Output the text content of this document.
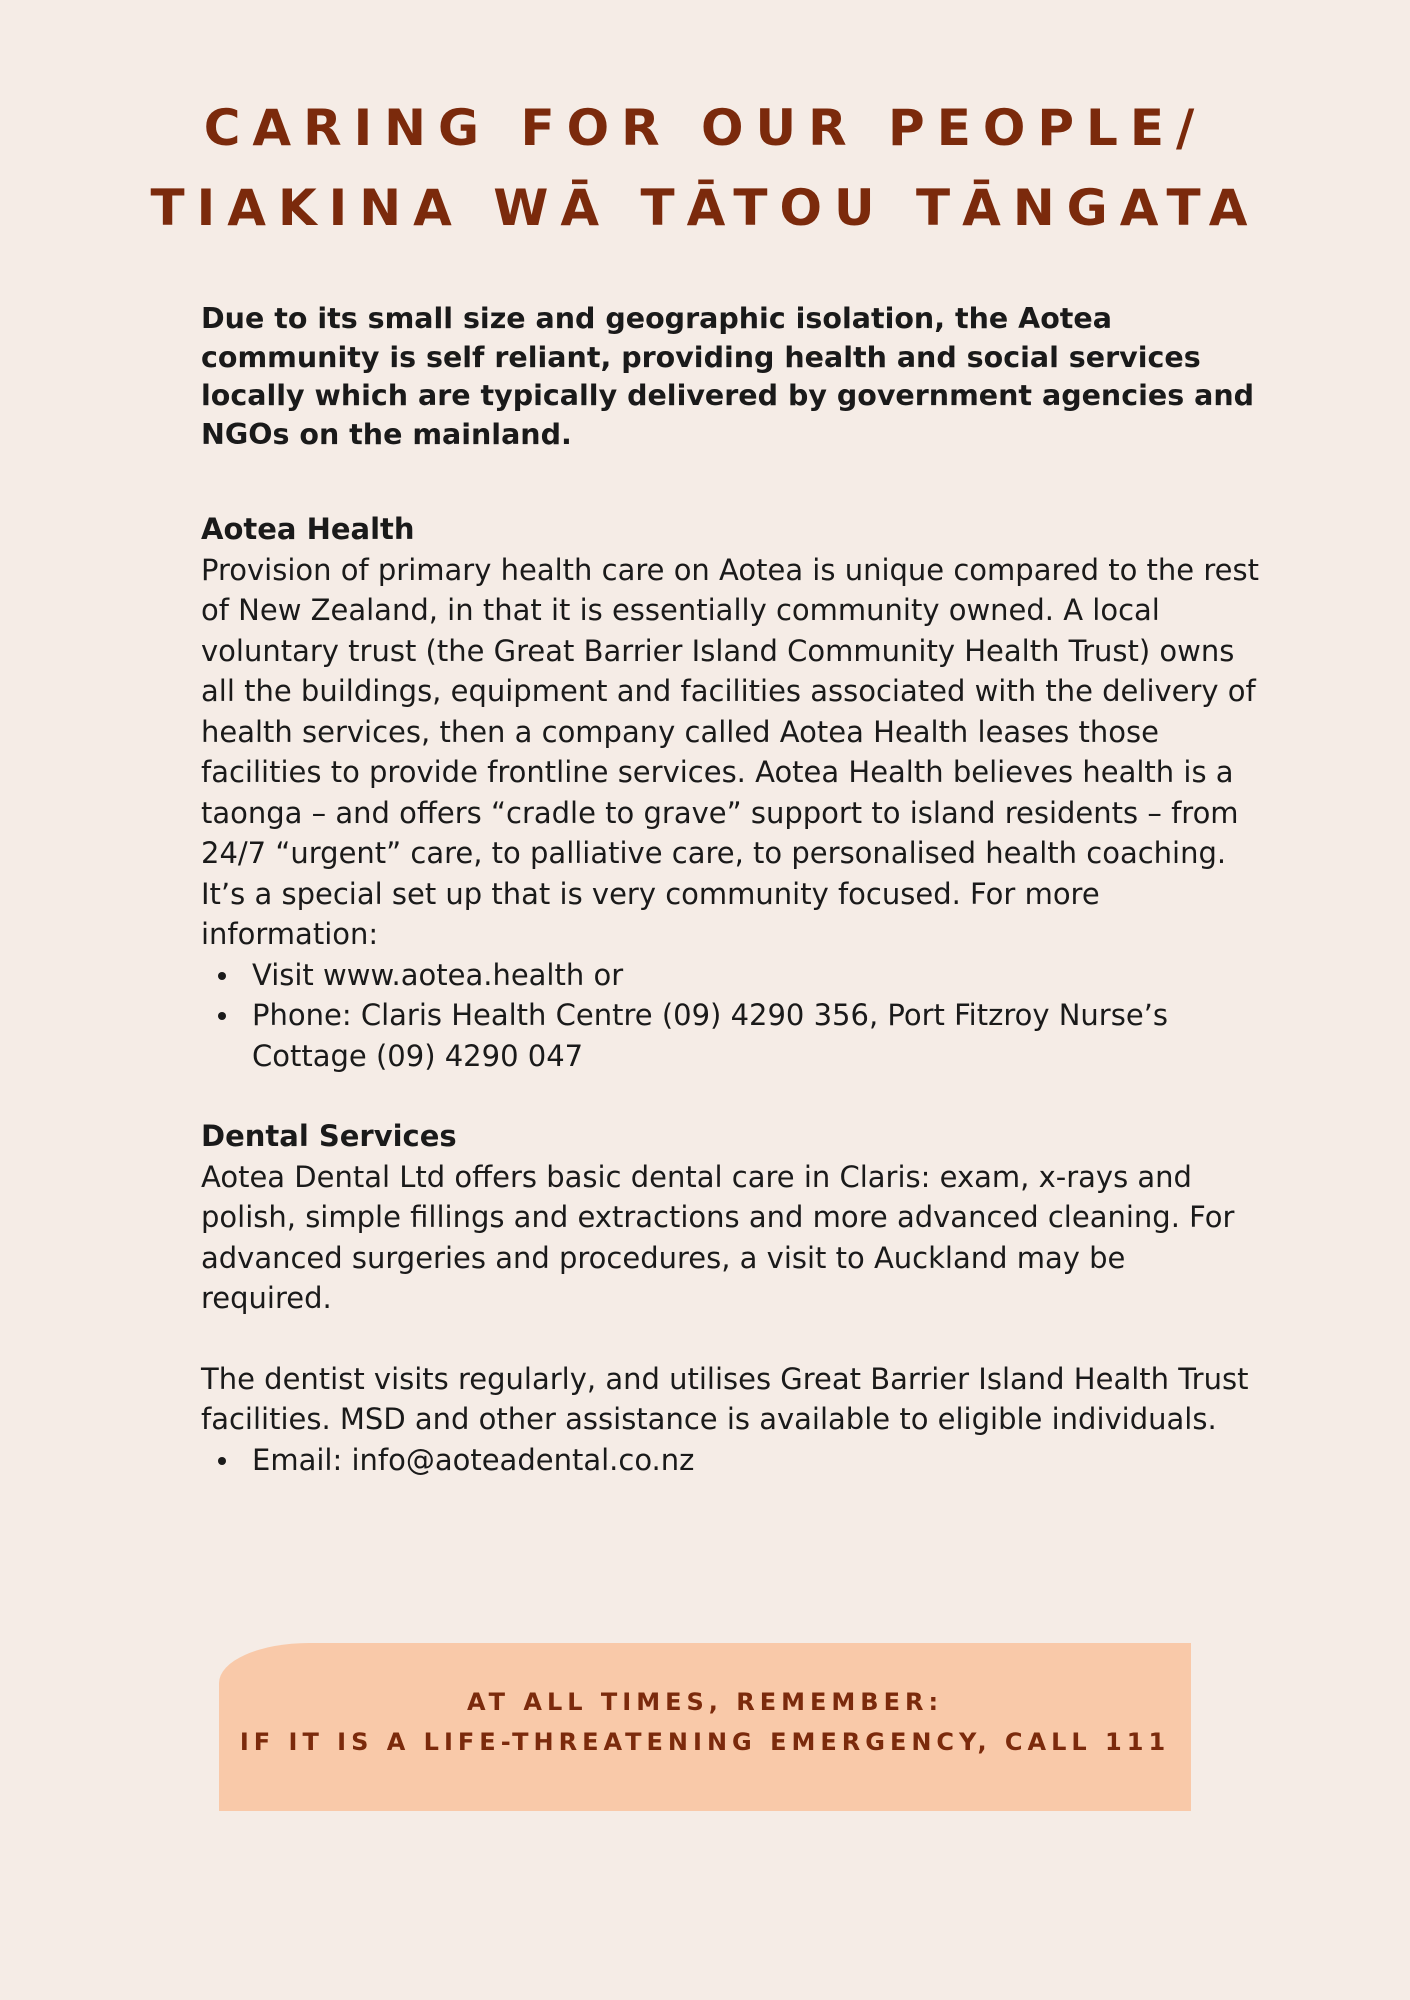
CARING FOR OUR PEOPLE/
TIAKINA WĀ TĀTOU TĀNGATA

Due to its small size and geographic isolation, the Aotea community is self reliant, providing health and social services locally which are typically delivered by government agencies and NGOs on the mainland.

Aotea Health

Provision of primary health care on Aotea is unique compared to the rest of New Zealand, in that it is essentially community owned. A local voluntary trust (the Great Barrier Island Community Health Trust) owns all the buildings, equipment and facilities associated with the delivery of health services, then a company called Aotea Health leases those facilities to provide frontline services. Aotea Health believes health is a taonga – and offers “cradle to grave” support to island residents – from 24/7 “urgent” care, to palliative care, to personalised health coaching. It’s a special set up that is very community focused. For more information:

Visit www.aotea.health or
Phone: Claris Health Centre (09) 4290 356, Port Fitzroy Nurse’s Cottage (09) 4290 047
Dental Services

Aotea Dental Ltd offers basic dental care in Claris: exam, x-rays and polish, simple fillings and extractions and more advanced cleaning. For advanced surgeries and procedures, a visit to Auckland may be required.

The dentist visits regularly, and utilises Great Barrier Island Health Trust facilities. MSD and other assistance is available to eligible individuals.

Email: info@aoteadental.co.nz
AT ALL TIMES, REMEMBER:
IF IT IS A LIFE-THREATENING EMERGENCY, CALL 111
